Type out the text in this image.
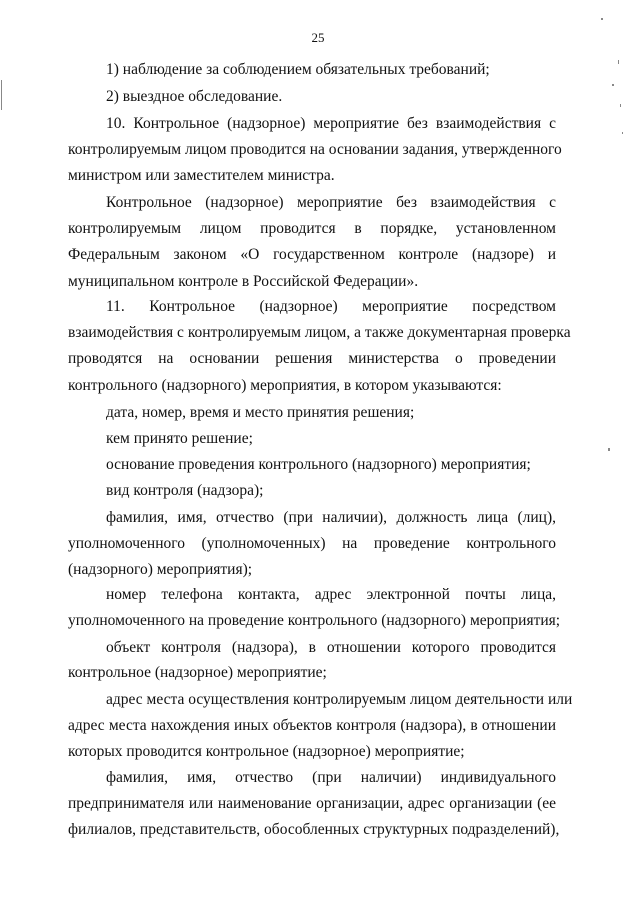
25
1) наблюдение за соблюдением обязательных требований;
2) выездное обследование.
10. Контрольное (надзорное) мероприятие без взаимодействия с
контролируемым лицом проводится на основании задания, утвержденного
министром или заместителем министра.
Контрольное (надзорное) мероприятие без взаимодействия с
контролируемым лицом проводится в порядке, установленном
Федеральным законом «О государственном контроле (надзоре) и
муниципальном контроле в Российской Федерации».
11. Контрольное (надзорное) мероприятие посредством
взаимодействия с контролируемым лицом, а также документарная проверка
проводятся на основании решения министерства о проведении
контрольного (надзорного) мероприятия, в котором указываются:
дата, номер, время и место принятия решения;
кем принято решение;
основание проведения контрольного (надзорного) мероприятия;
вид контроля (надзора);
фамилия, имя, отчество (при наличии), должность лица (лиц),
уполномоченного (уполномоченных) на проведение контрольного
(надзорного) мероприятия);
номер телефона контакта, адрес электронной почты лица,
уполномоченного на проведение контрольного (надзорного) мероприятия;
объект контроля (надзора), в отношении которого проводится
контрольное (надзорное) мероприятие;
адрес места осуществления контролируемым лицом деятельности или
адрес места нахождения иных объектов контроля (надзора), в отношении
которых проводится контрольное (надзорное) мероприятие;
фамилия, имя, отчество (при наличии) индивидуального
предпринимателя или наименование организации, адрес организации (ее
филиалов, представительств, обособленных структурных подразделений),
